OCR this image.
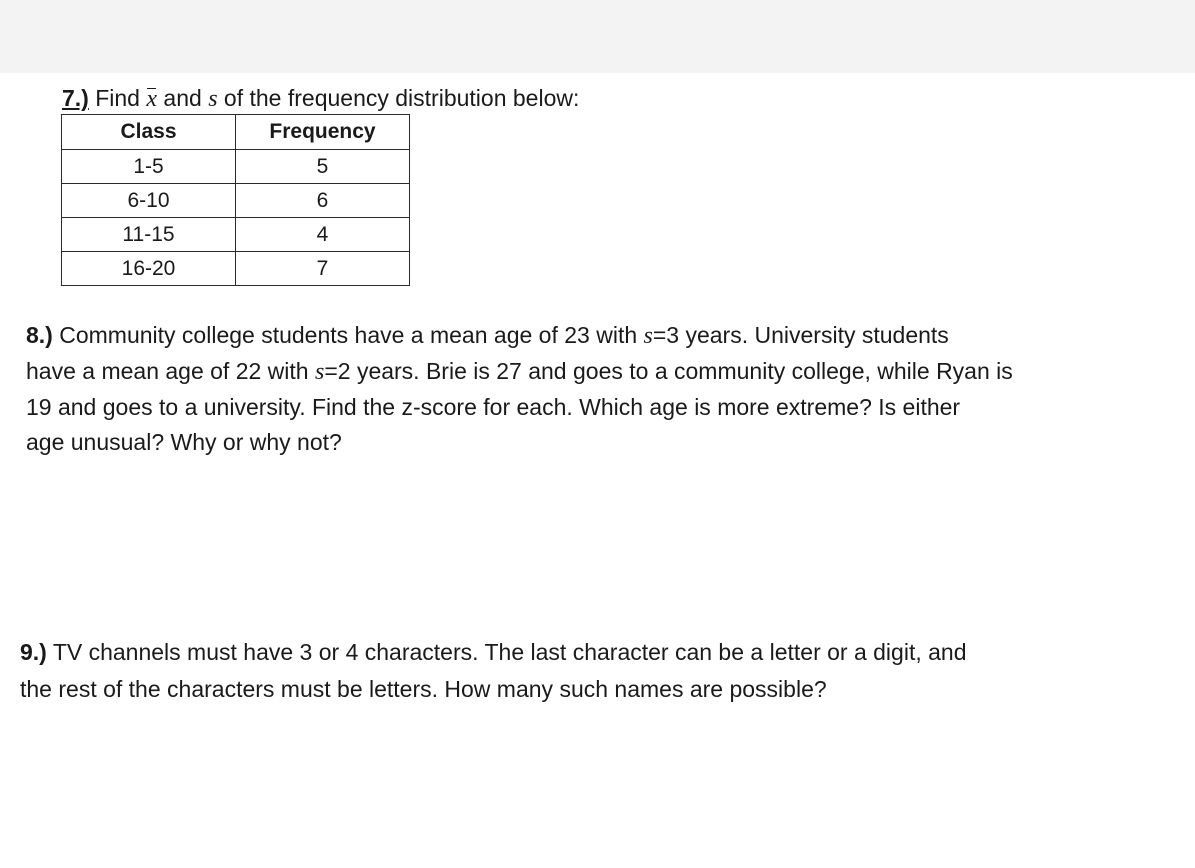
7.) Find x and s of the frequency distribution below:
Class	Frequency
1-5	5
6-10	6
11-15	4
16-20	7
8.) Community college students have a mean age of 23 with s=3 years. University students
have a mean age of 22 with s=2 years. Brie is 27 and goes to a community college, while Ryan is
19 and goes to a university. Find the z-score for each. Which age is more extreme? Is either
age unusual? Why or why not?
9.) TV channels must have 3 or 4 characters. The last character can be a letter or a digit, and
the rest of the characters must be letters. How many such names are possible?
